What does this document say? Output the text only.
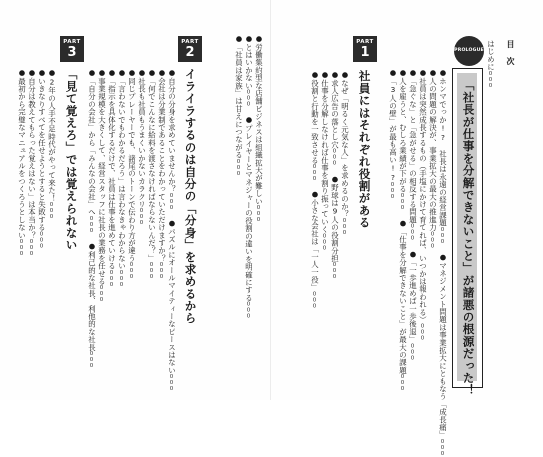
目　次
はじめに000
PROLOGUE
「社長が仕事を分解できないこと」が諸悪の根源だった！
●ホンマでっか!?　社長は永遠の経営課題000　●マネジメント問題は事業拡大にともなう「成長痛」000
●人の問題の解決が、事業拡大の最大の推進力000
●社員は突然成長するもの（手塩にかけて育てれば、いつかは報われる）000
●「急ぐな」と「急がせる」の相反する問題000　●「一歩進めば一歩後退」000
●人を雇うと、むしろ業績が下がる000　●「仕事を分解できないこと」が最大の課題000
●「3人の壁」が最も高い!?000
PART
1
社員にはそれぞれ役割がある
●なぜ「明るく元気な人」を求めるのか？000
●求人広告の落とし穴000　●野球は9人の役割分担000
●仕事を分解しなければ仕事を割り振っていく000
●役割と行動を一致させる000　●小さな会社は「一人一役」000
PART
2
イライラするのは自分の「分身」を求めるから	●労働集約型な店舗ビジネスは組織拡大が難しい000
●とはいかない000　●プレイヤーとマネジャーの役割の違いを明確にする000
●「社員は家族」は甘えにつながる000
●自分の分身を求めていませんか？000　●パズルにオールマイティーなピースはない000
●会社は分業制であることをわかっていただけますか？000
●「何でこんなに給料を渡さなければならないんだ？」000
●社長も社員もうまくいかないカラクリ000
●同じプレーヤーでも、諸尾のトーンで伝わり方が違う000
●「言わないでもわかるだろう」は言わなきゃわからない000
●「指示を具体化するだけで、社員は仕事を進めていける000
●事業規模を大きくして、経営スタッフに社長の業務を任せる000
●「自分の会社」から「みんなの会社」へ000　●利己的な社長、利他的な社長000
PART
3
「見て覚えろ」では覚えられない
●2年の人手不足時代がやって来た！000
●いきなりすべてを任せようとすると失敗する000
●自分は教えてもらった覚えはない」は本当か？000
●最初から完璧なマニュアルをつくろうとしない000
